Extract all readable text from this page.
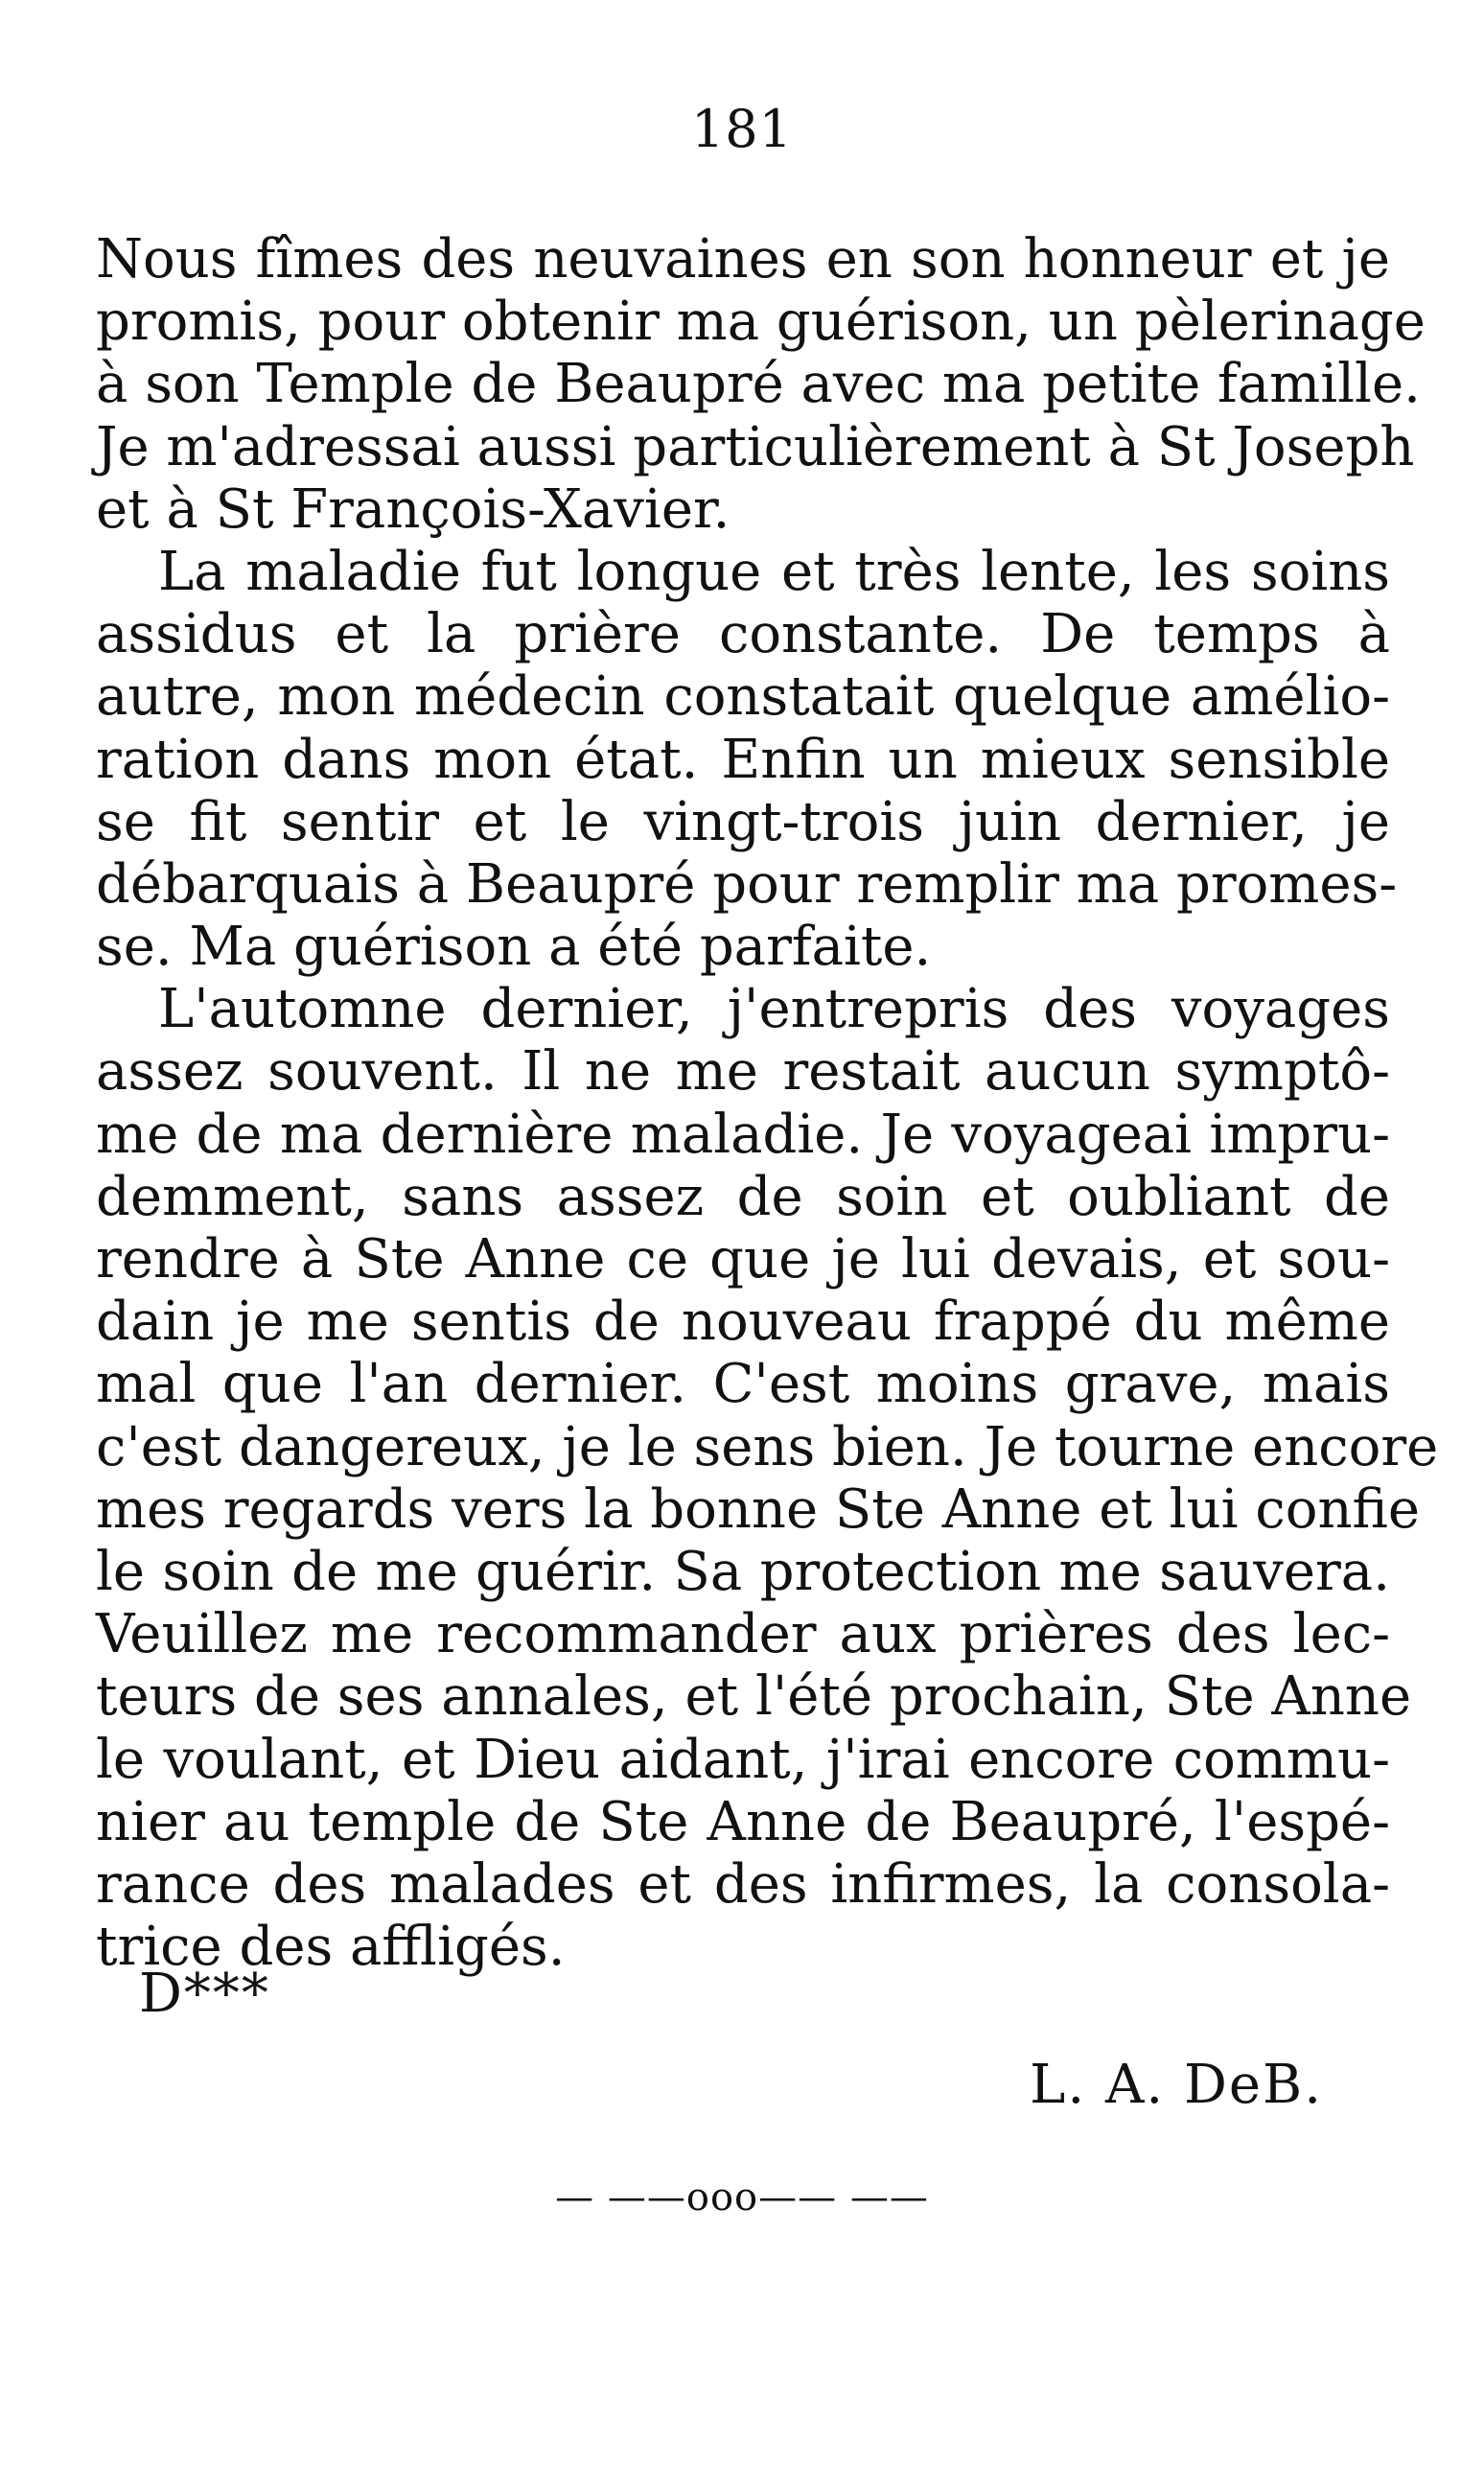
181
Nous fîmes des neuvaines en son honneur et je
promis, pour obtenir ma guérison, un pèlerinage
à son Temple de Beaupré avec ma petite famille.
Je m'adressai aussi particulièrement à St Joseph
et à St François-Xavier.
La maladie fut longue et très lente, les soins
assidus et la prière constante. De temps à
autre, mon médecin constatait quelque amélio-
ration dans mon état. Enfin un mieux sensible
se fit sentir et le vingt-trois juin dernier, je
débarquais à Beaupré pour remplir ma promes-
se. Ma guérison a été parfaite.
L'automne dernier, j'entrepris des voyages
assez souvent. Il ne me restait aucun symptô-
me de ma dernière maladie. Je voyageai impru-
demment, sans assez de soin et oubliant de
rendre à Ste Anne ce que je lui devais, et sou-
dain je me sentis de nouveau frappé du même
mal que l'an dernier. C'est moins grave, mais
c'est dangereux, je le sens bien. Je tourne encore
mes regards vers la bonne Ste Anne et lui confie
le soin de me guérir. Sa protection me sauvera.
Veuillez me recommander aux prières des lec-
teurs de ses annales, et l'été prochain, Ste Anne
le voulant, et Dieu aidant, j'irai encore commu-
nier au temple de Ste Anne de Beaupré, l'espé-
rance des malades et des infirmes, la consola-
trice des affligés.
D***
L. A. DeB.
— ——ooo—— ——
